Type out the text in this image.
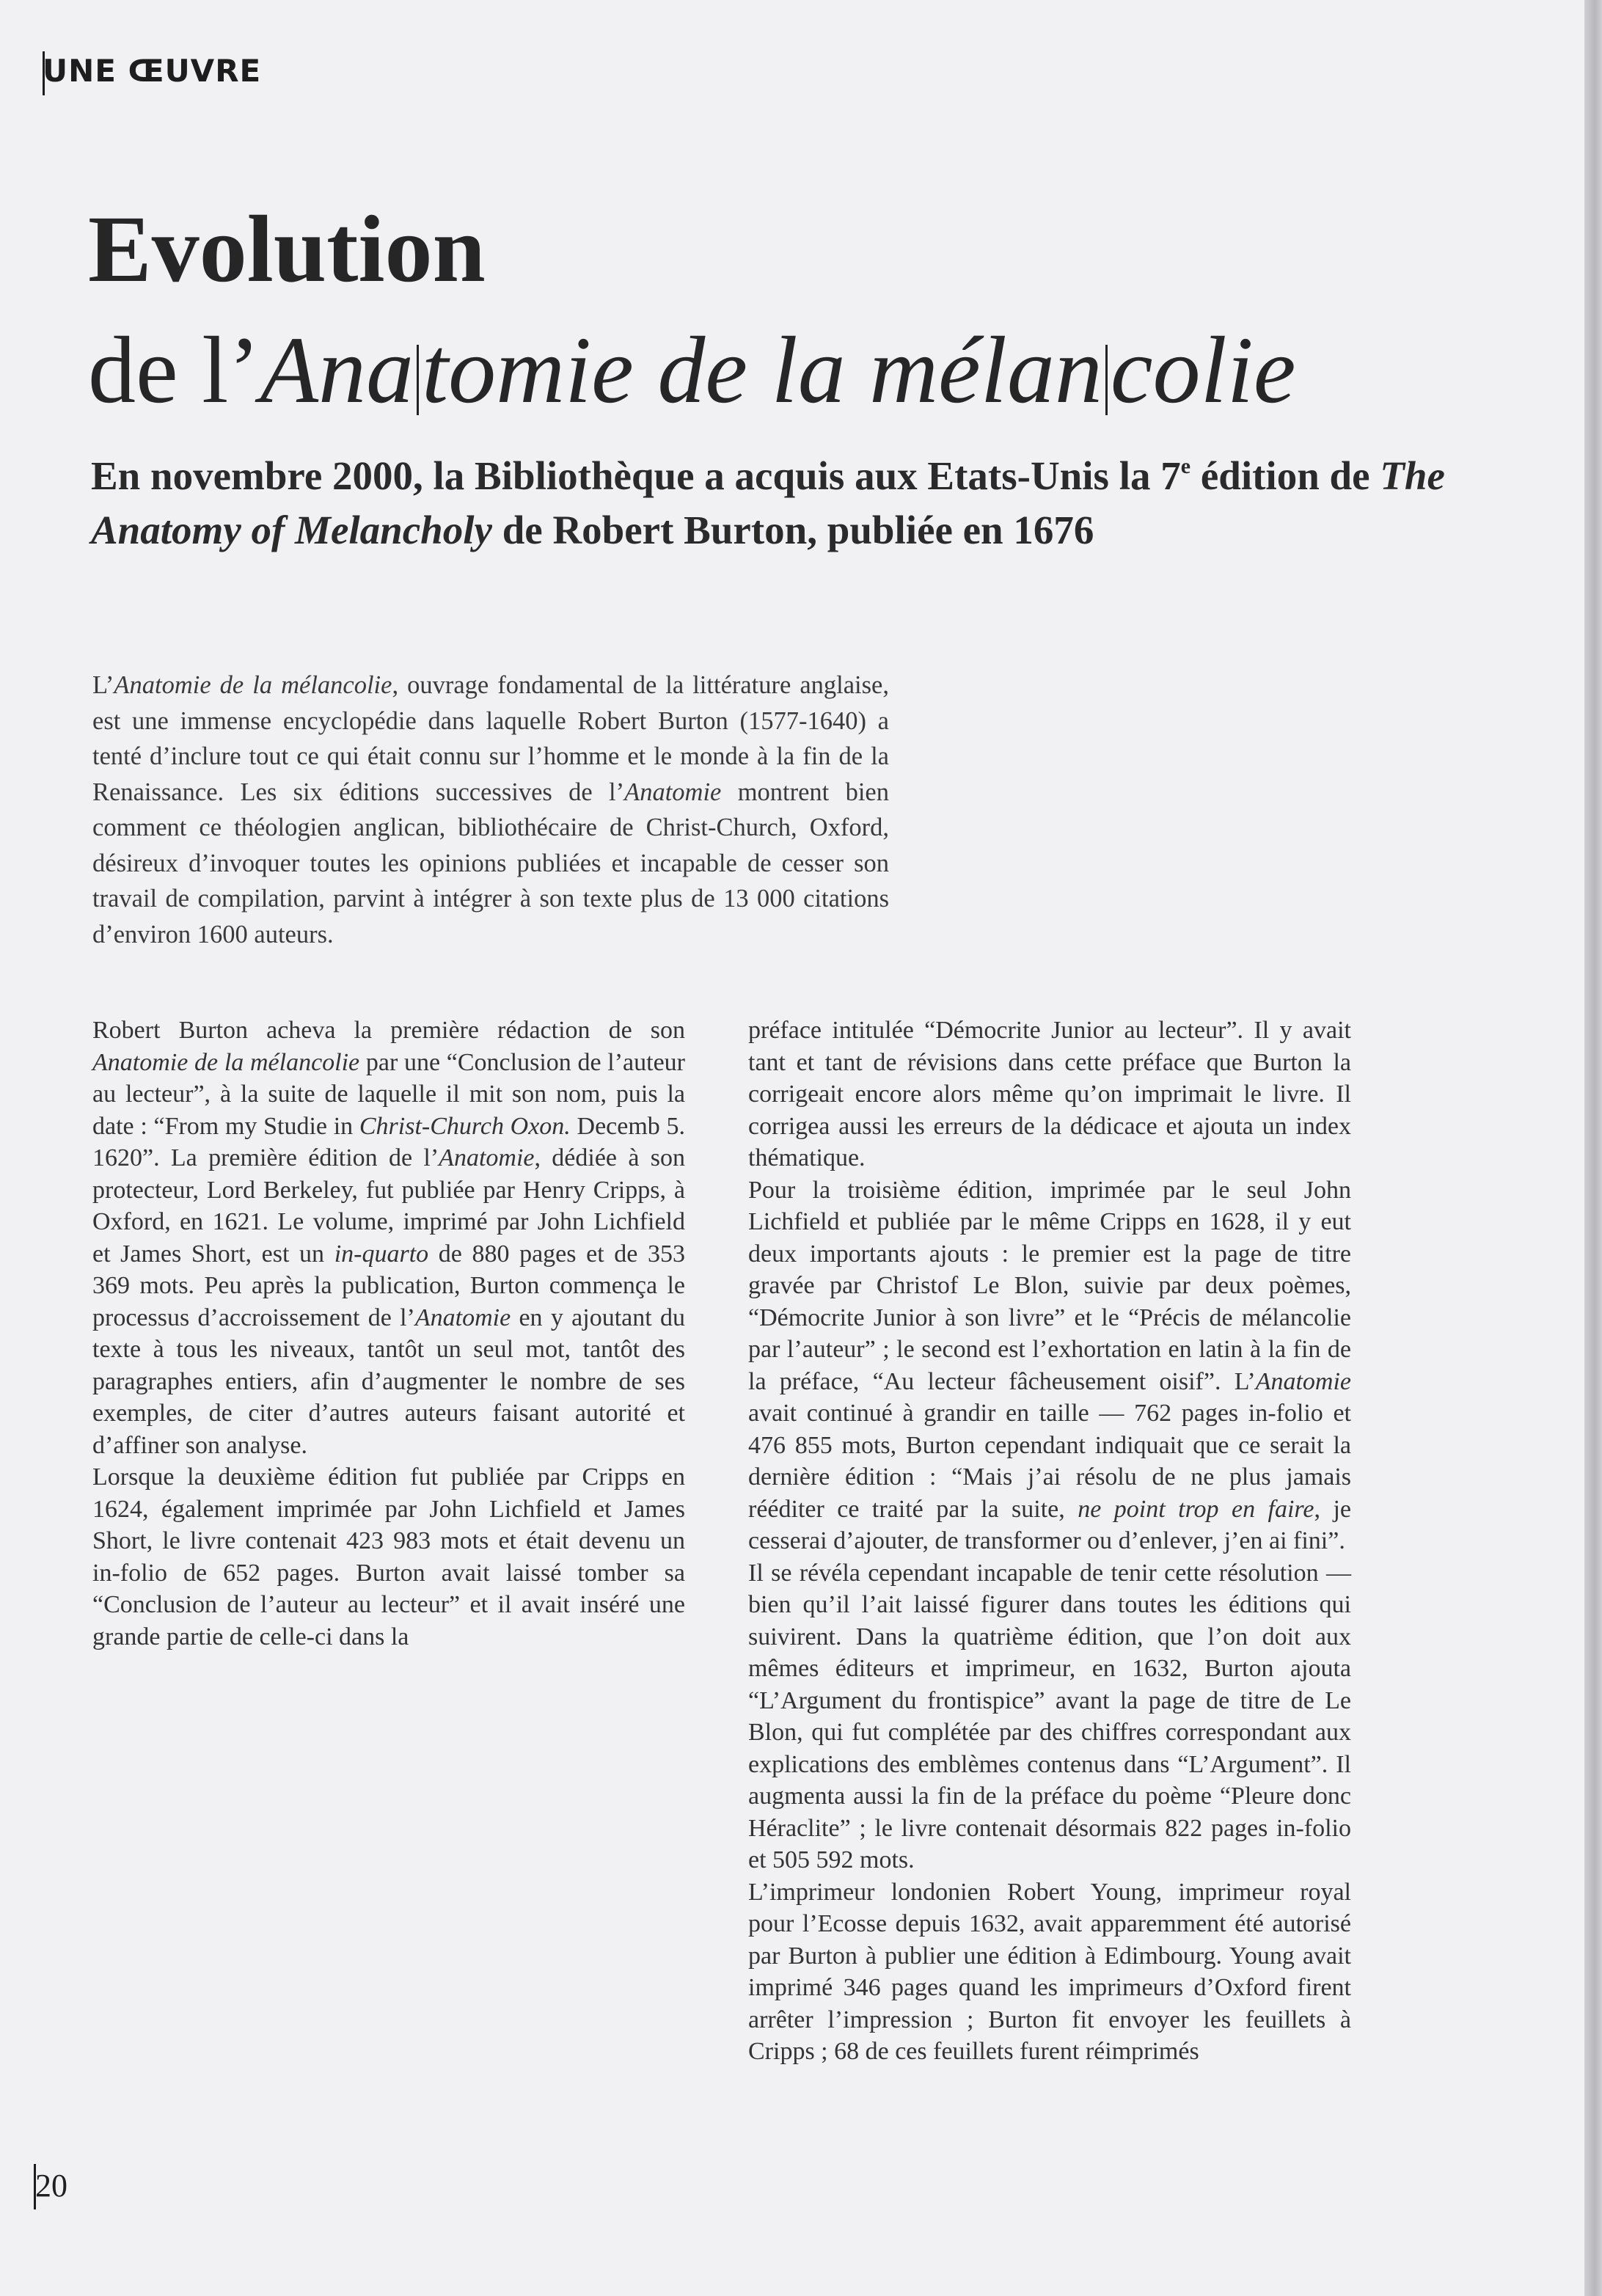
UNE ŒUVRE
Evolution
de l’Anаtomie de la mélancolie

En novembre 2000, la Bibliothèque a acquis aux Etats-Unis la 7e édition de The Anatomy of Melancholy de Robert Burton, publiée en 1676

L’Anatomie de la mélancolie, ouvrage fondamental de la littérature anglaise, est une immense encyclopédie dans laquelle Robert Burton (1577-1640) a tenté d’inclure tout ce qui était connu sur l’homme et le monde à la fin de la Renaissance. Les six éditions successives de l’Anatomie montrent bien comment ce théologien anglican, bibliothécaire de Christ-Church, Oxford, désireux d’invoquer toutes les opinions publiées et incapable de cesser son travail de compilation, parvint à intégrer à son texte plus de 13 000 citations d’environ 1600 auteurs.

Robert Burton acheva la première rédaction de son Anatomie de la mélancolie par une “Conclusion de l’auteur au lecteur”, à la suite de laquelle il mit son nom, puis la date : “From my Studie in Christ-Church Oxon. Decemb 5. 1620”. La première édition de l’Anatomie, dédiée à son protecteur, Lord Berkeley, fut publiée par Henry Cripps, à Oxford, en 1621. Le volume, imprimé par John Lichfield et James Short, est un in-quarto de 880 pages et de 353 369 mots. Peu après la publication, Burton commença le processus d’accroissement de l’Anatomie en y ajoutant du texte à tous les niveaux, tantôt un seul mot, tantôt des paragraphes entiers, afin d’augmenter le nombre de ses exemples, de citer d’autres auteurs faisant autorité et d’affiner son analyse.

Lorsque la deuxième édition fut publiée par Cripps en 1624, également imprimée par John Lichfield et James Short, le livre contenait 423 983 mots et était devenu un in-folio de 652 pages. Burton avait laissé tomber sa “Conclusion de l’auteur au lecteur” et il avait inséré une grande partie de celle-ci dans la

préface intitulée “Démocrite Junior au lecteur”. Il y avait tant et tant de révisions dans cette préface que Burton la corrigeait encore alors même qu’on imprimait le livre. Il corrigea aussi les erreurs de la dédicace et ajouta un index thématique.

Pour la troisième édition, imprimée par le seul John Lichfield et publiée par le même Cripps en 1628, il y eut deux importants ajouts : le premier est la page de titre gravée par Christof Le Blon, suivie par deux poèmes, “Démocrite Junior à son livre” et le “Précis de mélancolie par l’auteur” ; le second est l’exhortation en latin à la fin de la préface, “Au lecteur fâcheusement oisif”. L’Anatomie avait continué à grandir en taille — 762 pages in-folio et 476 855 mots, Burton cependant indiquait que ce serait la dernière édition : “Mais j’ai résolu de ne plus jamais rééditer ce traité par la suite, ne point trop en faire, je cesserai d’ajouter, de transformer ou d’enlever, j’en ai fini”.

Il se révéla cependant incapable de tenir cette résolution — bien qu’il l’ait laissé figurer dans toutes les éditions qui suivirent. Dans la quatrième édition, que l’on doit aux mêmes éditeurs et imprimeur, en 1632, Burton ajouta “L’Argument du frontispice” avant la page de titre de Le Blon, qui fut complétée par des chiffres correspondant aux explications des emblèmes contenus dans “L’Argument”. Il augmenta aussi la fin de la préface du poème “Pleure donc Héraclite” ; le livre contenait désormais 822 pages in-folio et 505 592 mots.

L’imprimeur londonien Robert Young, imprimeur royal pour l’Ecosse depuis 1632, avait apparemment été autorisé par Burton à publier une édition à Edimbourg. Young avait imprimé 346 pages quand les imprimeurs d’Oxford firent arrêter l’impression ; Burton fit envoyer les feuillets à Cripps ; 68 de ces feuillets furent réimprimés

20
